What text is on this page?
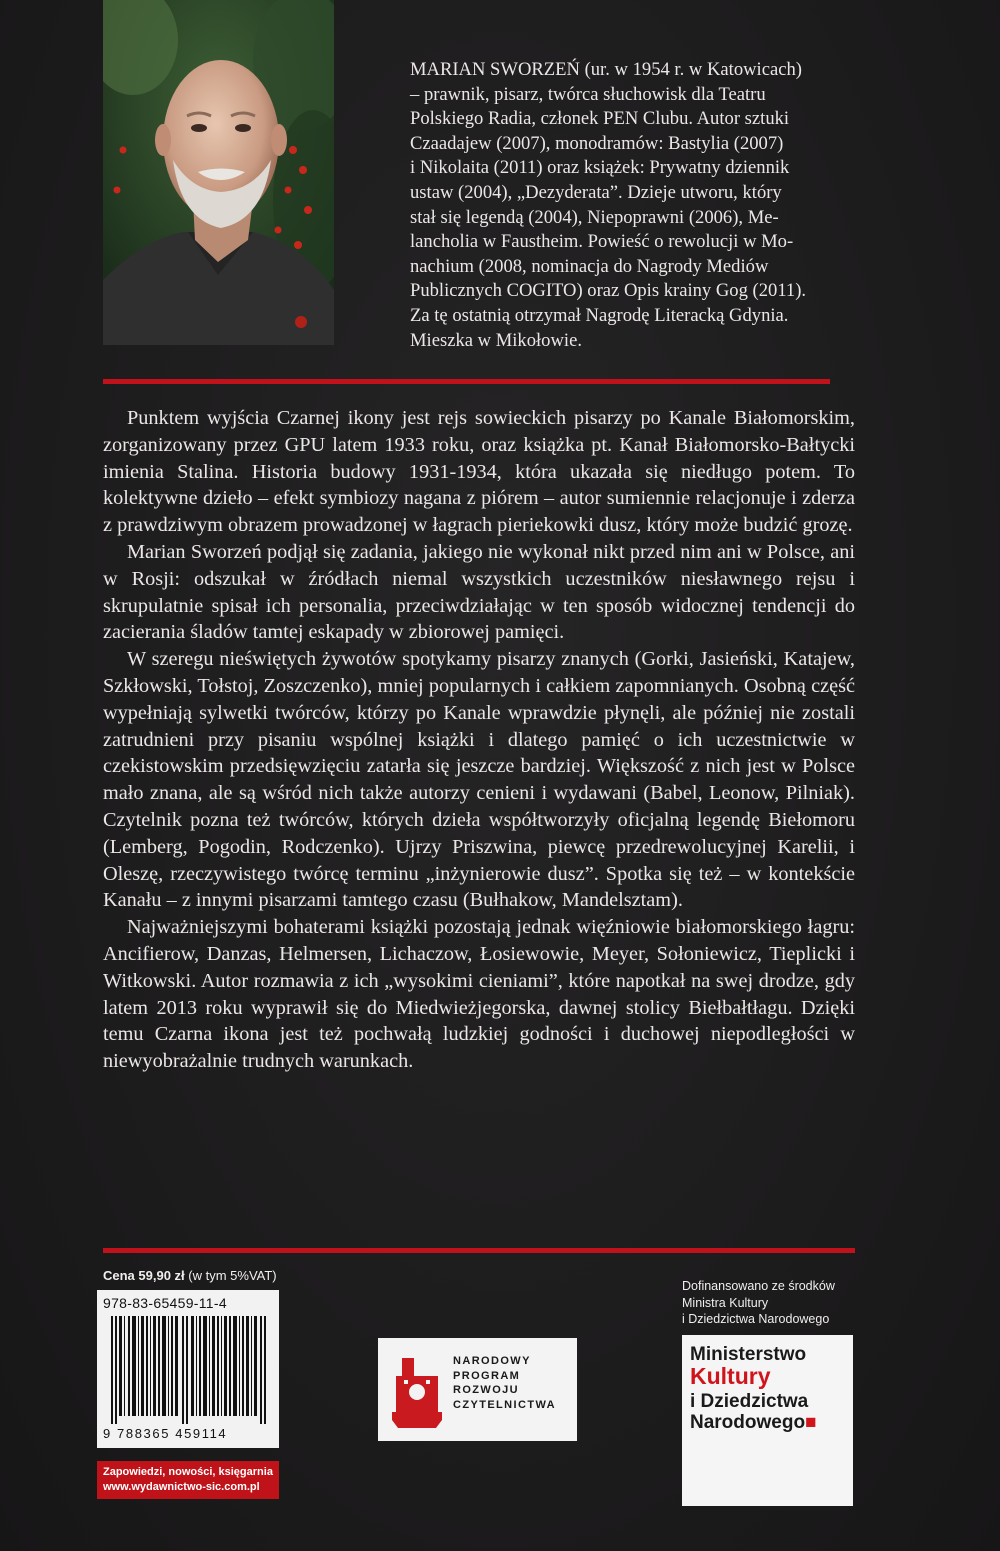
MARIAN SWORZEŃ (ur. w 1954 r. w Katowicach)

– prawnik, pisarz, twórca słuchowisk dla Teatru

Polskiego Radia, członek PEN Clubu. Autor sztuki

Czaadajew (2007), monodramów: Bastylia (2007)

i Nikolaita (2011) oraz książek: Prywatny dziennik

ustaw (2004), „Dezyderata”. Dzieje utworu, który

stał się legendą (2004), Niepoprawni (2006), Me-

lancholia w Faustheim. Powieść o rewolucji w Mo-

nachium (2008, nominacja do Nagrody Mediów

Publicznych COGITO) oraz Opis krainy Gog (2011).

Za tę ostatnią otrzymał Nagrodę Literacką Gdynia.

Mieszka w Mikołowie.

Punktem wyjścia Czarnej ikony jest rejs sowieckich pisarzy po Kanale Białomorskim, zorganizowany przez GPU latem 1933 roku, oraz książka pt. Kanał Białomorsko-Bałtycki imienia Stalina. Historia budowy 1931-1934, która ukazała się niedługo potem. To kolektywne dzieło – efekt symbiozy nagana z piórem – autor sumiennie relacjonuje i zderza z prawdziwym obrazem prowadzonej w łagrach pieriekowki dusz, który może budzić grozę.

Marian Sworzeń podjął się zadania, jakiego nie wykonał nikt przed nim ani w Polsce, ani w Rosji: odszukał w źródłach niemal wszystkich uczestników niesławnego rejsu i skrupulatnie spisał ich personalia, przeciwdziałając w ten sposób widocznej tendencji do zacierania śladów tamtej eskapady w zbiorowej pamięci.

W szeregu nieświętych żywotów spotykamy pisarzy znanych (Gorki, Jasieński, Katajew, Szkłowski, Tołstoj, Zoszczenko), mniej popularnych i całkiem zapomnianych. Osobną część wypełniają sylwetki twórców, którzy po Kanale wprawdzie płynęli, ale później nie zostali zatrudnieni przy pisaniu wspólnej książki i dlatego pamięć o ich uczestnictwie w czekistowskim przedsięwzięciu zatarła się jeszcze bardziej. Większość z nich jest w Polsce mało znana, ale są wśród nich także autorzy cenieni i wydawani (Babel, Leonow, Pilniak). Czytelnik pozna też twórców, których dzieła współtworzyły oficjalną legendę Biełomoru (Lemberg, Pogodin, Rodczenko). Ujrzy Priszwina, piewcę przedrewolucyjnej Karelii, i Oleszę, rzeczywistego twórcę terminu „inżynierowie dusz”. Spotka się też – w kontekście Kanału – z innymi pisarzami tamtego czasu (Bułhakow, Mandelsztam).

Najważniejszymi bohaterami książki pozostają jednak więźniowie białomorskiego łagru: Ancifierow, Danzas, Helmersen, Lichaczow, Łosiewowie, Meyer, Sołoniewicz, Tieplicki i Witkowski. Autor rozmawia z ich „wysokimi cieniami”, które napotkał na swej drodze, gdy latem 2013 roku wyprawił się do Miedwieżjegorska, dawnej stolicy Biełbałtłagu. Dzięki temu Czarna ikona jest też pochwałą ludzkiej godności i duchowej niepodległości w niewyobrażalnie trudnych warunkach.

Cena 59,90 zł (w tym 5%VAT)
978-83-65459-11-4
9 788365 459114
Zapowiedzi, nowości, księgarnia
www.wydawnictwo-sic.com.pl
NARODOWY
PROGRAM
ROZWOJU
CZYTELNICTWA
Dofinansowano ze środków
Ministra Kultury
i Dziedzictwa Narodowego
Ministerstwo
Kultury
i Dziedzictwa
Narodowego■
